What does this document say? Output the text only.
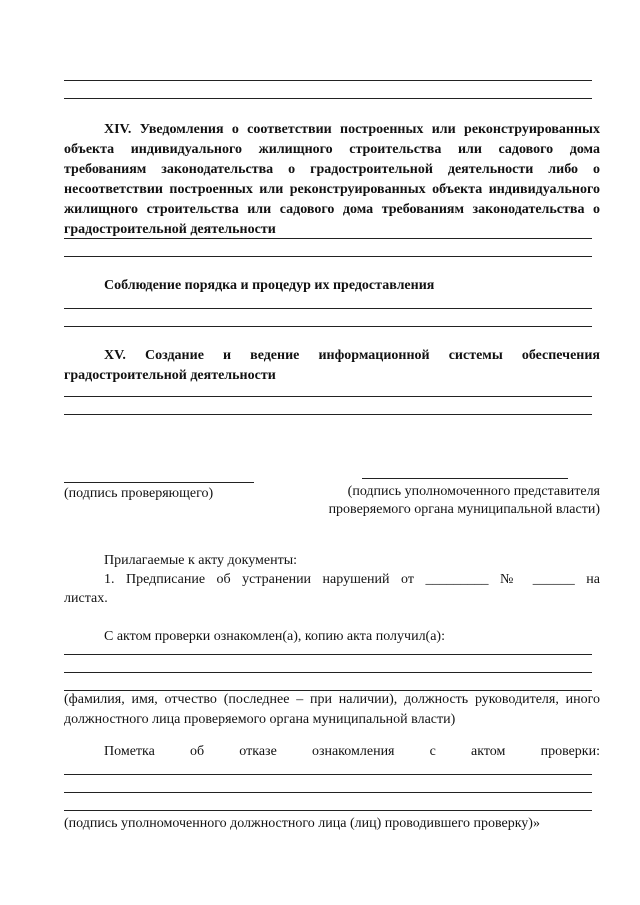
XIV. Уведомления о соответствии построенных или реконструированных объекта индивидуального жилищного строительства или садового дома требованиям законодательства о градостроительной деятельности либо о несоответствии построенных или реконструированных объекта индивидуального жилищного строительства или садового дома требованиям законодательства о градостроительной деятельности
Соблюдение порядка и процедур их предоставления
XV. Создание и ведение информационной системы обеспечения градостроительной деятельности
(подпись проверяющего)	(подпись уполномоченного представителя
проверяемого органа муниципальной власти)
Прилагаемые к акту документы:
1. Предписание об устранении нарушений от _________ № ______ на
листах.
С актом проверки ознакомлен(а), копию акта получил(а):
(фамилия, имя, отчество (последнее – при наличии), должность руководителя, иного должностного лица проверяемого органа муниципальной власти)
Пометка об отказе ознакомления с актом проверки:
(подпись уполномоченного должностного лица (лиц) проводившего проверку)»
